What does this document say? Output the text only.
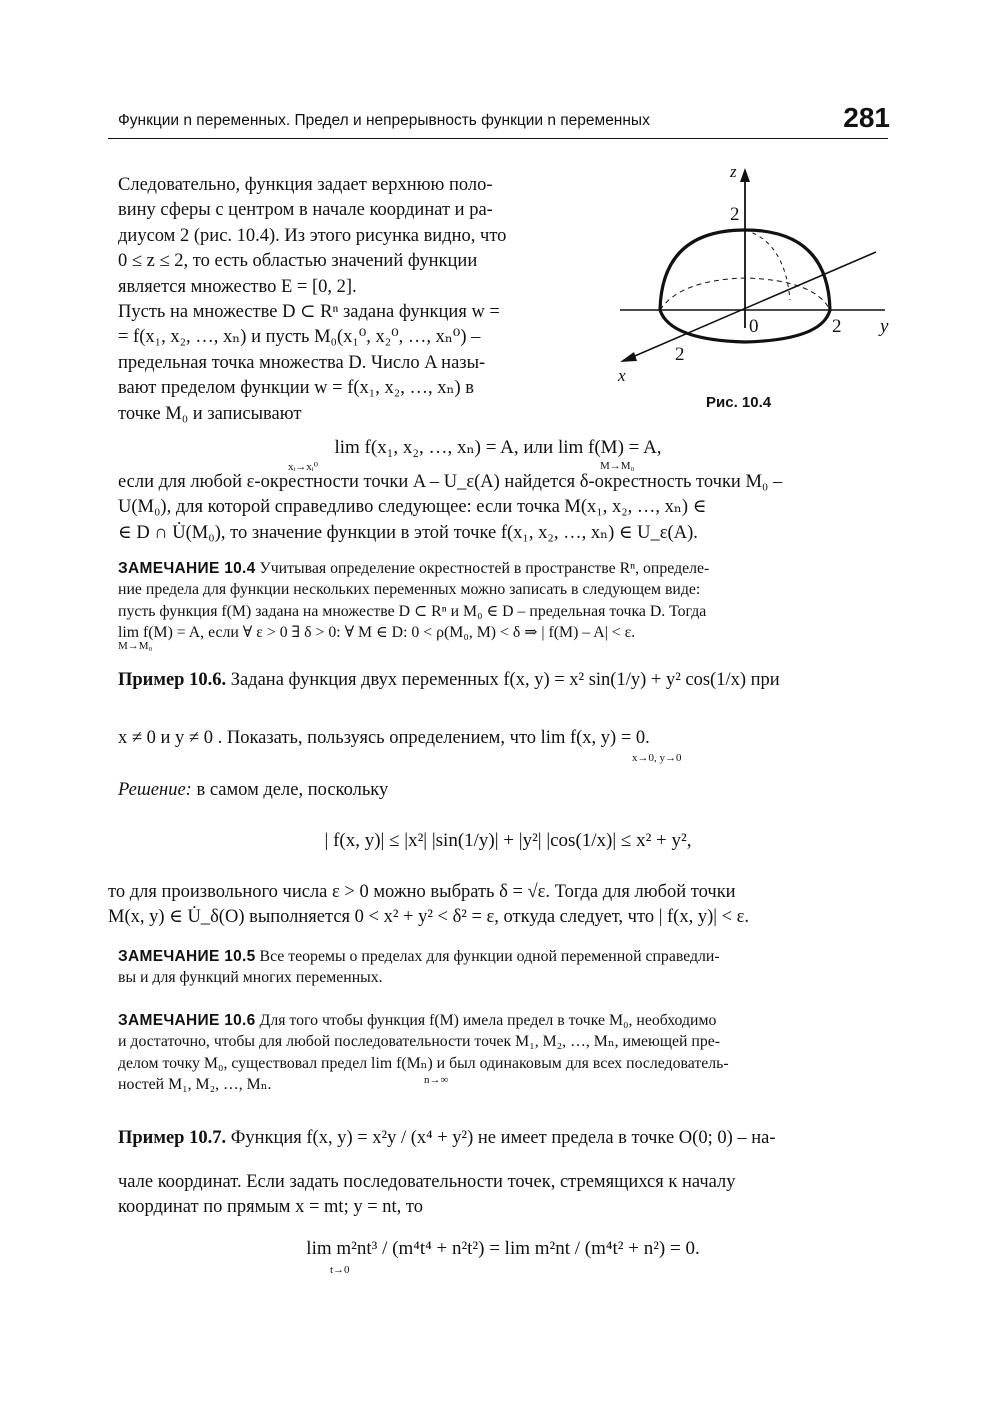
Функции n переменных. Предел и непрерывность функции n переменных	281

Следовательно, функция задает верхнюю поло-

вину сферы с центром в начале координат и ра-

диусом 2 (рис. 10.4). Из этого рисунка видно, что

0 ≤ z ≤ 2, то есть областью значений функции

является множество E = [0, 2].

Пусть на множестве D ⊂ Rⁿ задана функция w =

= f(x₁, x₂, …, xₙ) и пусть M₀(x₁⁰, x₂⁰, …, xₙ⁰) –

предельная точка множества D. Число A назы-

вают пределом функции w = f(x₁, x₂, …, xₙ) в

точке M₀ и записывают

z
2
0	2 y
2
x
Рис. 10.4
lim f(x₁, x₂, …, xₙ) = A, или lim f(M) = A,
xᵢ→xᵢ⁰	M→M₀

если для любой ε-окрестности точки A – U_ε(A) найдется δ-окрестность точки M₀ –

U(M₀), для которой справедливо следующее: если точка M(x₁, x₂, …, xₙ) ∈

∈ D ∩ U̇(M₀), то значение функции в этой точке f(x₁, x₂, …, xₙ) ∈ U_ε(A).

ЗАМЕЧАНИЕ 10.4 Учитывая определение окрестностей в пространстве Rⁿ, определе-

ние предела для функции нескольких переменных можно записать в следующем виде:

пусть функция f(M) задана на множестве D ⊂ Rⁿ и M₀ ∈ D – предельная точка D. Тогда

lim f(M) = A, если ∀ ε > 0 ∃ δ > 0: ∀ M ∈ D: 0 < ρ(M₀, M) < δ ⇒ | f(M) – A| < ε.

M→M₀

Пример 10.6. Задана функция двух переменных f(x, y) = x² sin(1/y) + y² cos(1/x) при

x ≠ 0 и y ≠ 0 . Показать, пользуясь определением, что lim f(x, y) = 0.

x→0, y→0

Решение: в самом деле, поскольку

| f(x, y)| ≤ |x²| |sin(1/y)| + |y²| |cos(1/x)| ≤ x² + y²,

то для произвольного числа ε > 0 можно выбрать δ = √ε. Тогда для любой точки

M(x, y) ∈ U̇_δ(O) выполняется 0 < x² + y² < δ² = ε, откуда следует, что | f(x, y)| < ε.

ЗАМЕЧАНИЕ 10.5 Все теоремы о пределах для функции одной переменной справедли-

вы и для функций многих переменных.

ЗАМЕЧАНИЕ 10.6 Для того чтобы функция f(M) имела предел в точке M₀, необходимо

и достаточно, чтобы для любой последовательности точек M₁, M₂, …, Mₙ, имеющей пре-

делом точку M₀, существовал предел lim f(Mₙ) и был одинаковым для всех последователь-

ностей M₁, M₂, …, Mₙ.	n→∞

Пример 10.7. Функция f(x, y) = x²y / (x⁴ + y²) не имеет предела в точке O(0; 0) – на-

чале координат. Если задать последовательности точек, стремящихся к началу

координат по прямым x = mt; y = nt, то

lim m²nt³ / (m⁴t⁴ + n²t²) = lim m²nt / (m⁴t² + n²) = 0.
t→0
